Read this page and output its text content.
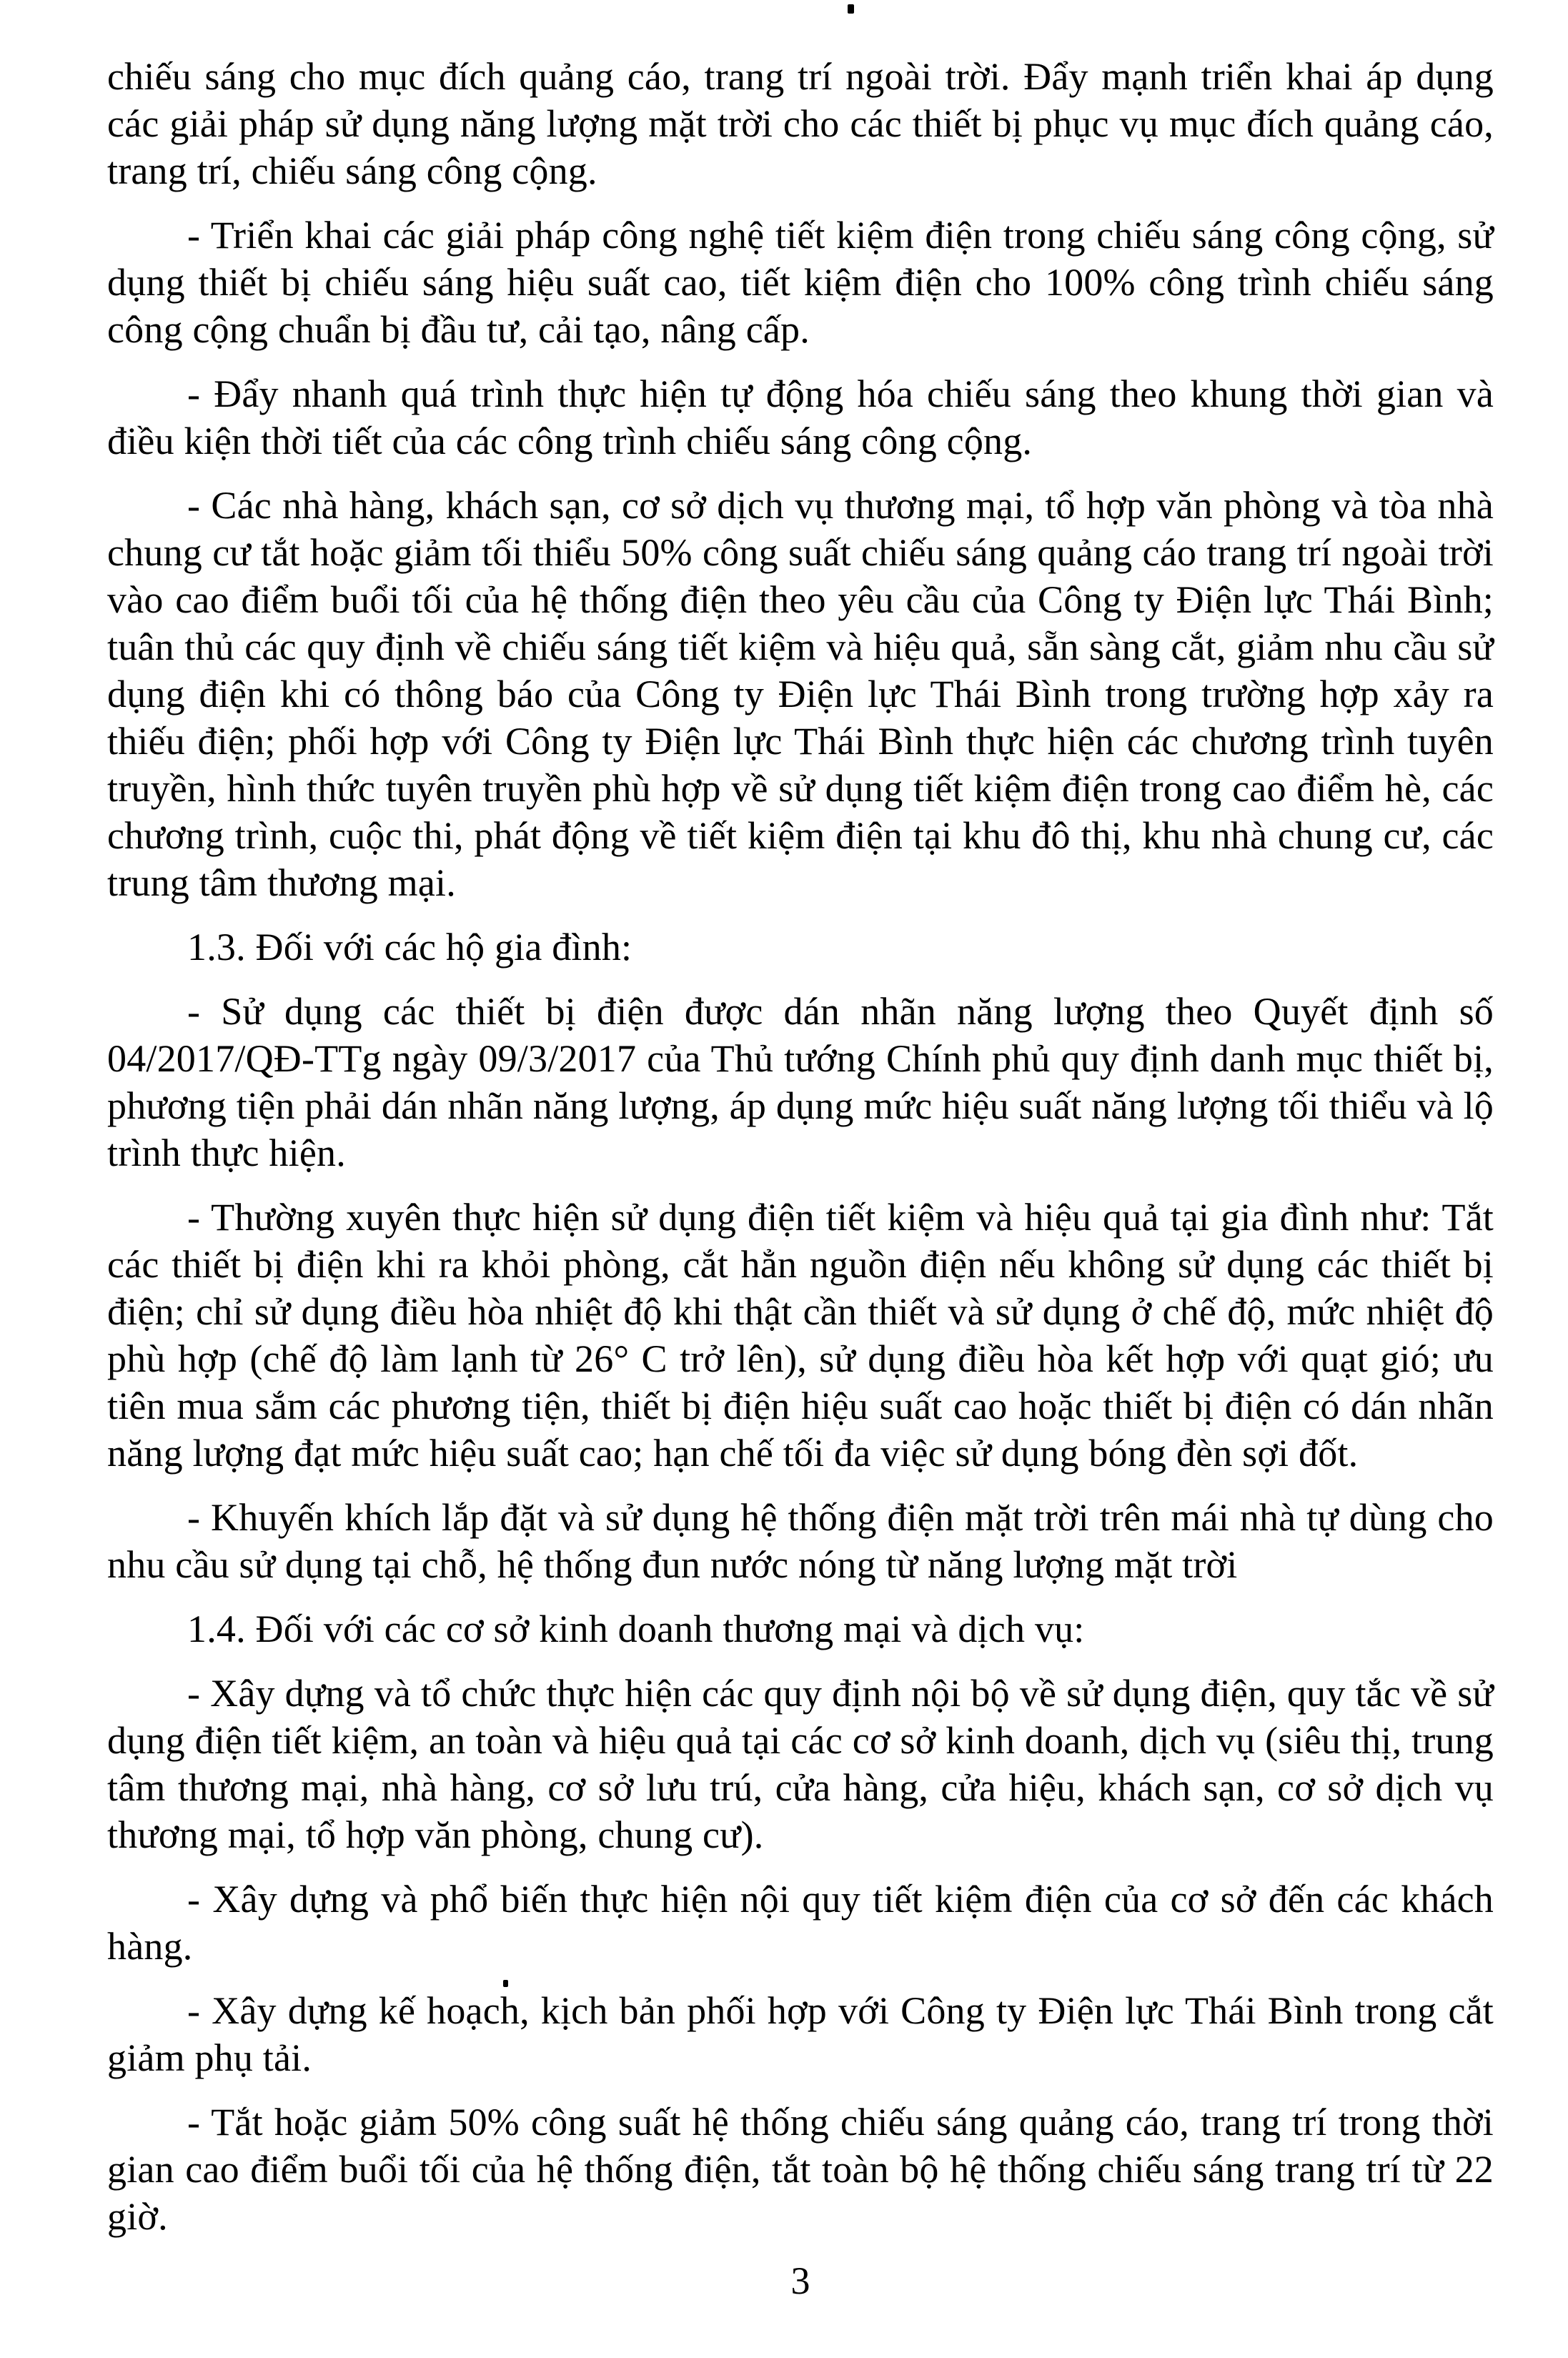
chiếu sáng cho mục đích quảng cáo, trang trí ngoài trời. Đẩy mạnh triển khai áp dụng các giải pháp sử dụng năng lượng mặt trời cho các thiết bị phục vụ mục đích quảng cáo, trang trí, chiếu sáng công cộng.

- Triển khai các giải pháp công nghệ tiết kiệm điện trong chiếu sáng công cộng, sử dụng thiết bị chiếu sáng hiệu suất cao, tiết kiệm điện cho 100% công trình chiếu sáng công cộng chuẩn bị đầu tư, cải tạo, nâng cấp.

- Đẩy nhanh quá trình thực hiện tự động hóa chiếu sáng theo khung thời gian và điều kiện thời tiết của các công trình chiếu sáng công cộng.

- Các nhà hàng, khách sạn, cơ sở dịch vụ thương mại, tổ hợp văn phòng và tòa nhà chung cư tắt hoặc giảm tối thiểu 50% công suất chiếu sáng quảng cáo trang trí ngoài trời vào cao điểm buổi tối của hệ thống điện theo yêu cầu của Công ty Điện lực Thái Bình; tuân thủ các quy định về chiếu sáng tiết kiệm và hiệu quả, sẵn sàng cắt, giảm nhu cầu sử dụng điện khi có thông báo của Công ty Điện lực Thái Bình trong trường hợp xảy ra thiếu điện; phối hợp với Công ty Điện lực Thái Bình thực hiện các chương trình tuyên truyền, hình thức tuyên truyền phù hợp về sử dụng tiết kiệm điện trong cao điểm hè, các chương trình, cuộc thi, phát động về tiết kiệm điện tại khu đô thị, khu nhà chung cư, các trung tâm thương mại.

1.3. Đối với các hộ gia đình:

- Sử dụng các thiết bị điện được dán nhãn năng lượng theo Quyết định số 04/2017/QĐ-TTg ngày 09/3/2017 của Thủ tướng Chính phủ quy định danh mục thiết bị, phương tiện phải dán nhãn năng lượng, áp dụng mức hiệu suất năng lượng tối thiểu và lộ trình thực hiện.

- Thường xuyên thực hiện sử dụng điện tiết kiệm và hiệu quả tại gia đình như: Tắt các thiết bị điện khi ra khỏi phòng, cắt hẳn nguồn điện nếu không sử dụng các thiết bị điện; chỉ sử dụng điều hòa nhiệt độ khi thật cần thiết và sử dụng ở chế độ, mức nhiệt độ phù hợp (chế độ làm lạnh từ 26° C trở lên), sử dụng điều hòa kết hợp với quạt gió; ưu tiên mua sắm các phương tiện, thiết bị điện hiệu suất cao hoặc thiết bị điện có dán nhãn năng lượng đạt mức hiệu suất cao; hạn chế tối đa việc sử dụng bóng đèn sợi đốt.

- Khuyến khích lắp đặt và sử dụng hệ thống điện mặt trời trên mái nhà tự dùng cho nhu cầu sử dụng tại chỗ, hệ thống đun nước nóng từ năng lượng mặt trời

1.4. Đối với các cơ sở kinh doanh thương mại và dịch vụ:

- Xây dựng và tổ chức thực hiện các quy định nội bộ về sử dụng điện, quy tắc về sử dụng điện tiết kiệm, an toàn và hiệu quả tại các cơ sở kinh doanh, dịch vụ (siêu thị, trung tâm thương mại, nhà hàng, cơ sở lưu trú, cửa hàng, cửa hiệu, khách sạn, cơ sở dịch vụ thương mại, tổ hợp văn phòng, chung cư).

- Xây dựng và phổ biến thực hiện nội quy tiết kiệm điện của cơ sở đến các khách hàng.

- Xây dựng kế hoạch, kịch bản phối hợp với Công ty Điện lực Thái Bình trong cắt giảm phụ tải.

- Tắt hoặc giảm 50% công suất hệ thống chiếu sáng quảng cáo, trang trí trong thời gian cao điểm buổi tối của hệ thống điện, tắt toàn bộ hệ thống chiếu sáng trang trí từ 22 giờ.

3
